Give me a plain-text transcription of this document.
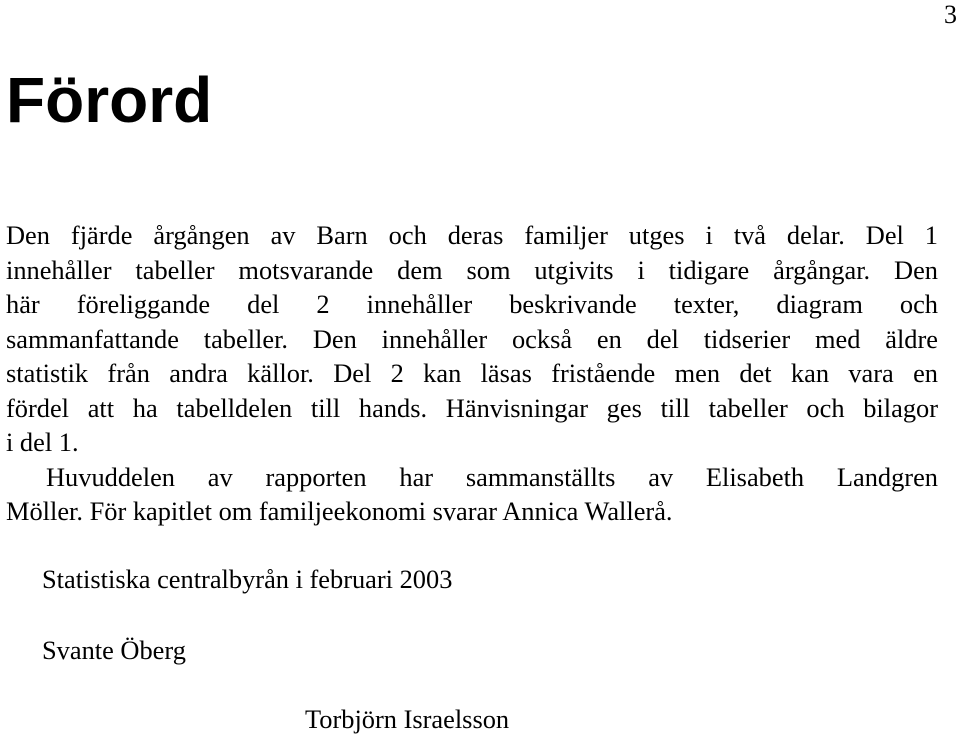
3
Förord
Den fjärde årgången av Barn och deras familjer utges i två delar. Del 1
innehåller tabeller motsvarande dem som utgivits i tidigare årgångar. Den
här föreliggande del 2 innehåller beskrivande texter, diagram och
sammanfattande tabeller. Den innehåller också en del tidserier med äldre
statistik från andra källor. Del 2 kan läsas fristående men det kan vara en
fördel att ha tabelldelen till hands. Hänvisningar ges till tabeller och bilagor
i del 1.
Huvuddelen av rapporten har sammanställts av Elisabeth Landgren
Möller. För kapitlet om familjeekonomi svarar Annica Wallerå.
Statistiska centralbyrån i februari 2003
Svante Öberg
Torbjörn Israelsson
